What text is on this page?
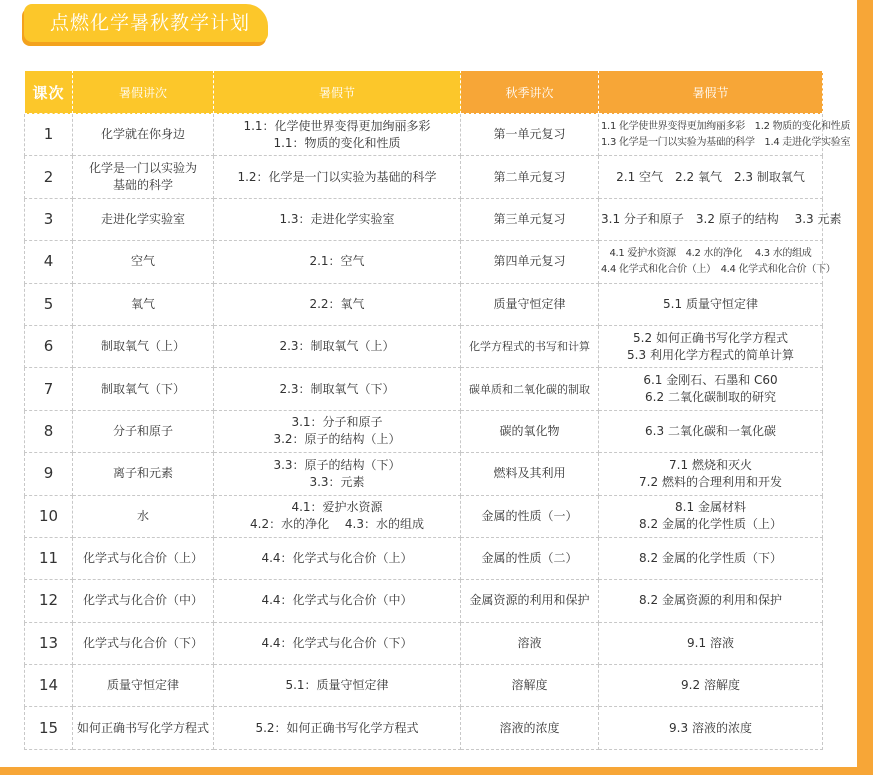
点燃化学暑秋教学计划
课次	暑假讲次	暑假节	秋季讲次	暑假节
1	化学就在你身边	1.1：化学使世界变得更加绚丽多彩
1.1：物质的变化和性质	第一单元复习	1.1 化学使世界变得更加绚丽多彩　1.2 物质的变化和性质
1.3 化学是一门以实验为基础的科学　1.4 走进化学实验室

2	化学是一门以实验为
基础的科学	1.2：化学是一门以实验为基础的科学	第二单元复习	2.1 空气　2.2 氧气　2.3 制取氧气

3	走进化学实验室	1.3：走进化学实验室	第三单元复习	3.1 分子和原子　3.2 原子的结构　 3.3 元素

4	空气	2.1：空气	第四单元复习	4.1 爱护水资源　4.2 水的净化　 4.3 水的组成
4.4 化学式和化合价（上）　4.4 化学式和化合价（下）

5	氧气	2.2：氧气	质量守恒定律	5.1 质量守恒定律

6	制取氧气（上）	2.3：制取氧气（上）	化学方程式的书写和计算	5.2 如何正确书写化学方程式
5.3 利用化学方程式的简单计算

7	制取氧气（下）	2.3：制取氧气（下）	碳单质和二氧化碳的制取	6.1 金刚石、石墨和 C60
6.2 二氧化碳制取的研究

8	分子和原子	3.1：分子和原子
3.2：原子的结构（上）	碳的氧化物	6.3 二氧化碳和一氧化碳

9	离子和元素	3.3：原子的结构（下）
3.3：元素	燃料及其利用	7.1 燃烧和灭火
7.2 燃料的合理利用和开发

10	水	4.1：爱护水资源
4.2：水的净化　 4.3：水的组成	金属的性质（一）	8.1 金属材料
8.2 金属的化学性质（上）

11	化学式与化合价（上）	4.4：化学式与化合价（上）	金属的性质（二）	8.2 金属的化学性质（下）

12	化学式与化合价（中）	4.4：化学式与化合价（中）	金属资源的利用和保护	8.2 金属资源的利用和保护

13	化学式与化合价（下）	4.4：化学式与化合价（下）	溶液	9.1 溶液

14	质量守恒定律	5.1：质量守恒定律	溶解度	9.2 溶解度

15	如何正确书写化学方程式	5.2：如何正确书写化学方程式	溶液的浓度	9.3 溶液的浓度
